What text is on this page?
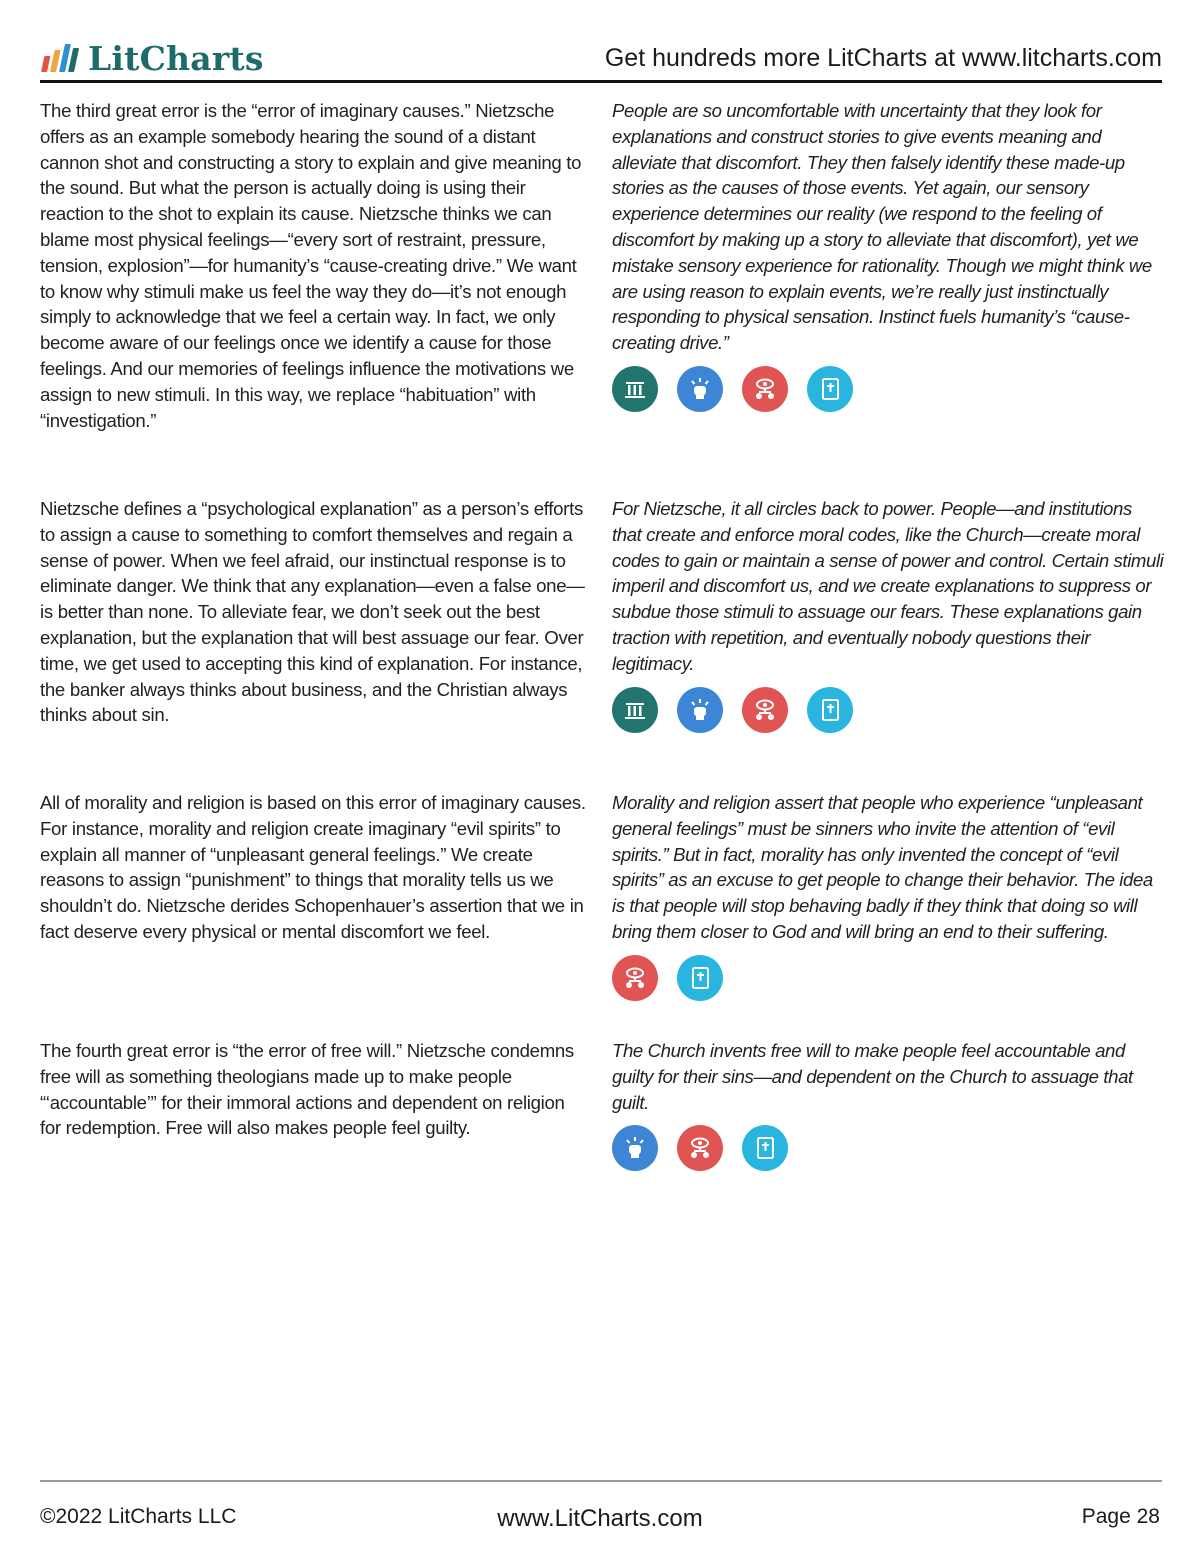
LitCharts	Get hundreds more LitCharts at www.litcharts.com
The third great error is the “error of imaginary causes.” Nietzsche offers as an example somebody hearing the sound of a distant cannon shot and constructing a story to explain and give meaning to the sound. But what the person is actually doing is using their reaction to the shot to explain its cause. Nietzsche thinks we can blame most physical feelings—“every sort of restraint, pressure, tension, explosion”—for humanity’s “cause-creating drive.” We want to know why stimuli make us feel the way they do—it’s not enough simply to acknowledge that we feel a certain way. In fact, we only become aware of our feelings once we identify a cause for those feelings. And our memories of feelings influence the motivations we assign to new stimuli. In this way, we replace “habituation” with “investigation.”
People are so uncomfortable with uncertainty that they look for explanations and construct stories to give events meaning and alleviate that discomfort. They then falsely identify these made-up stories as the causes of those events. Yet again, our sensory experience determines our reality (we respond to the feeling of discomfort by making up a story to alleviate that discomfort), yet we mistake sensory experience for rationality. Though we might think we are using reason to explain events, we’re really just instinctually responding to physical sensation. Instinct fuels humanity’s “cause-creating drive.”
Nietzsche defines a “psychological explanation” as a person’s efforts to assign a cause to something to comfort themselves and regain a sense of power. When we feel afraid, our instinctual response is to eliminate danger. We think that any explanation—even a false one—is better than none. To alleviate fear, we don’t seek out the best explanation, but the explanation that will best assuage our fear. Over time, we get used to accepting this kind of explanation. For instance, the banker always thinks about business, and the Christian always thinks about sin.
For Nietzsche, it all circles back to power. People—and institutions that create and enforce moral codes, like the Church—create moral codes to gain or maintain a sense of power and control. Certain stimuli imperil and discomfort us, and we create explanations to suppress or subdue those stimuli to assuage our fears. These explanations gain traction with repetition, and eventually nobody questions their legitimacy.
All of morality and religion is based on this error of imaginary causes. For instance, morality and religion create imaginary “evil spirits” to explain all manner of “unpleasant general feelings.” We create reasons to assign “punishment” to things that morality tells us we shouldn’t do. Nietzsche derides Schopenhauer’s assertion that we in fact deserve every physical or mental discomfort we feel.
Morality and religion assert that people who experience “unpleasant general feelings” must be sinners who invite the attention of “evil spirits.” But in fact, morality has only invented the concept of “evil spirits” as an excuse to get people to change their behavior. The idea is that people will stop behaving badly if they think that doing so will bring them closer to God and will bring an end to their suffering.
The fourth great error is “the error of free will.” Nietzsche condemns free will as something theologians made up to make people “‘accountable’” for their immoral actions and dependent on religion for redemption. Free will also makes people feel guilty.
The Church invents free will to make people feel accountable and guilty for their sins—and dependent on the Church to assuage that guilt.
©2022 LitCharts LLC	www.LitCharts.com	Page 28
